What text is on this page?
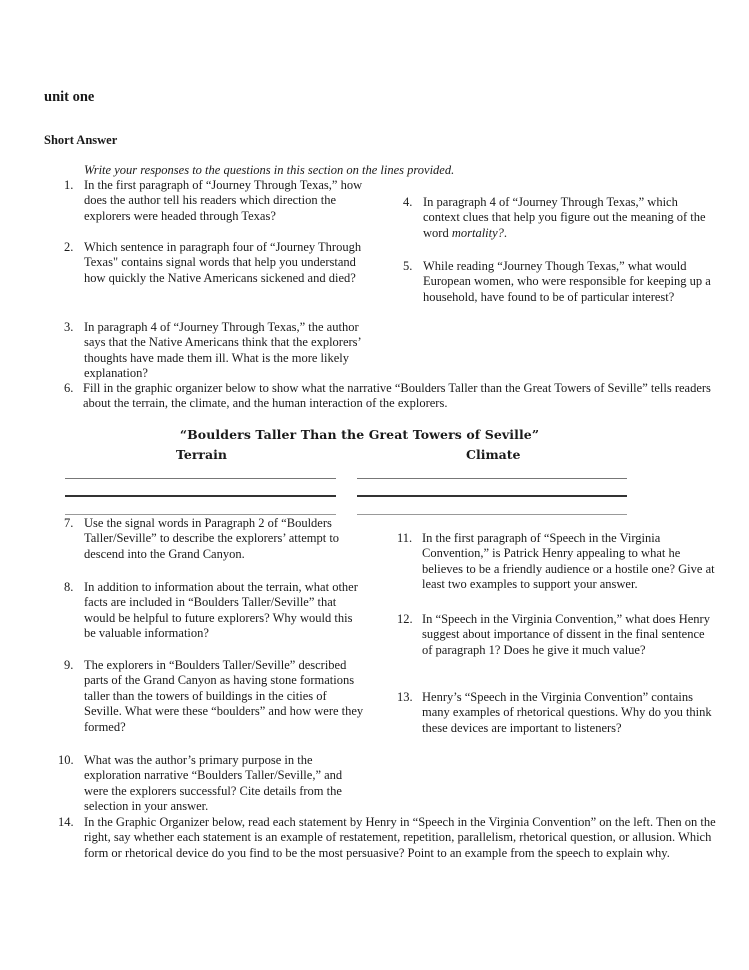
unit one
Short Answer
Write your responses to the questions in this section on the lines provided.
1. In the first paragraph of “Journey Through Texas,” how does the author tell his readers which direction the explorers were headed through Texas?
2. Which sentence in paragraph four of “Journey Through Texas" contains signal words that help you understand how quickly the Native Americans sickened and died?
3. In paragraph 4 of “Journey Through Texas,” the author says that the Native Americans think that the explorers’ thoughts have made them ill. What is the more likely explanation?
4. In paragraph 4 of “Journey Through Texas,” which context clues that help you figure out the meaning of the word mortality?.
5. While reading “Journey Though Texas,” what would European women, who were responsible for keeping up a household, have found to be of particular interest?
6. Fill in the graphic organizer below to show what the narrative “Boulders Taller than the Great Towers of Seville” tells readers about the terrain, the climate, and the human interaction of the explorers.
“Boulders Taller Than the Great Towers of Seville”
Terrain	Climate
7. Use the signal words in Paragraph 2 of “Boulders Taller/Seville” to describe the explorers’ attempt to descend into the Grand Canyon.
8. In addition to information about the terrain, what other facts are included in “Boulders Taller/Seville” that would be helpful to future explorers? Why would this be valuable information?
9. The explorers in “Boulders Taller/Seville” described parts of the Grand Canyon as having stone formations taller than the towers of buildings in the cities of Seville. What were these “boulders” and how were they formed?
10. What was the author’s primary purpose in the exploration narrative “Boulders Taller/Seville,” and were the explorers successful? Cite details from the selection in your answer.
11. In the first paragraph of “Speech in the Virginia Convention,” is Patrick Henry appealing to what he believes to be a friendly audience or a hostile one? Give at least two examples to support your answer.
12. In “Speech in the Virginia Convention,” what does Henry suggest about importance of dissent in the final sentence of paragraph 1? Does he give it much value?
13. Henry’s “Speech in the Virginia Convention” contains many examples of rhetorical questions. Why do you think these devices are important to listeners?
14. In the Graphic Organizer below, read each statement by Henry in “Speech in the Virginia Convention” on the left. Then on the right, say whether each statement is an example of restatement, repetition, parallelism, rhetorical question, or allusion. Which form or rhetorical device do you find to be the most persuasive? Point to an example from the speech to explain why.
